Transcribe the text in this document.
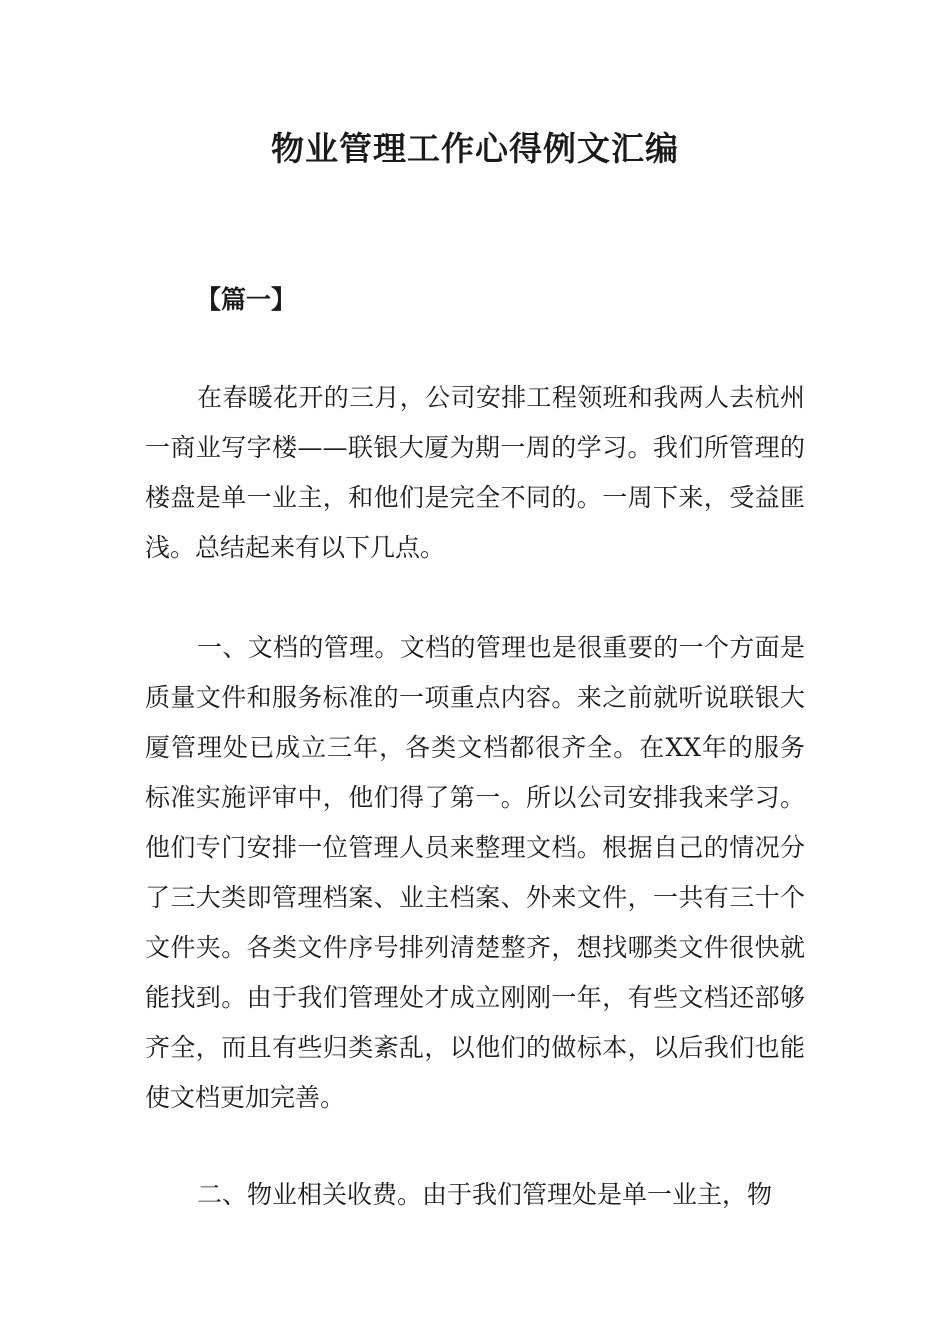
物业管理工作心得例文汇编
【篇一】

在春暖花开的三月，公司安排工程领班和我两人去杭州一商业写字楼——联银大厦为期一周的学习。我们所管理的楼盘是单一业主，和他们是完全不同的。一周下来，受益匪浅。总结起来有以下几点。

一、文档的管理。文档的管理也是很重要的一个方面是质量文件和服务标准的一项重点内容。来之前就听说联银大厦管理处已成立三年，各类文档都很齐全。在XX年的服务标准实施评审中，他们得了第一。所以公司安排我来学习。他们专门安排一位管理人员来整理文档。根据自己的情况分了三大类即管理档案、业主档案、外来文件，一共有三十个文件夹。各类文件序号排列清楚整齐，想找哪类文件很快就能找到。由于我们管理处才成立刚刚一年，有些文档还部够齐全，而且有些归类紊乱，以他们的做标本，以后我们也能使文档更加完善。

二、物业相关收费。由于我们管理处是单一业主，物
